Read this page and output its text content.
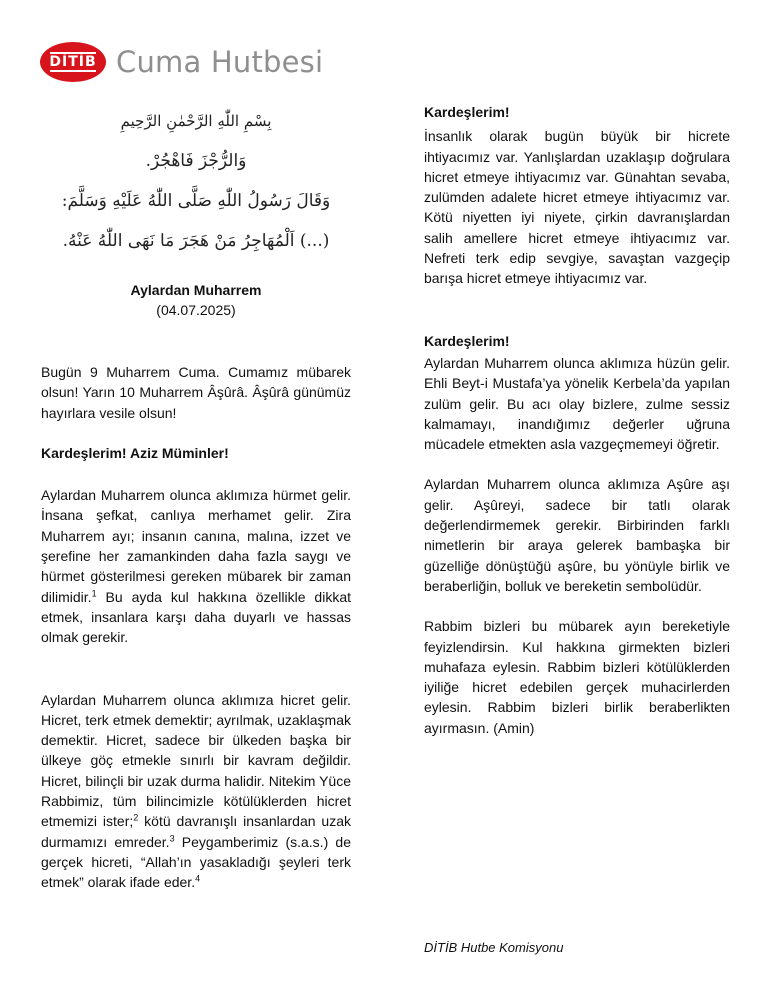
DİTİB Cuma Hutbesi
بِسْمِ اللّٰهِ الرَّحْمٰنِ الرَّحِيمِ
وَالرُّجْزَ فَاهْجُرْ.
وَقَالَ رَسُولُ اللّٰهِ صَلَّى اللّٰهُ عَلَيْهِ وَسَلَّمَ:
(...) اَلْمُهَاجِرُ مَنْ هَجَرَ مَا نَهَى اللّٰهُ عَنْهُ.
Aylardan Muharrem
(04.07.2025)

Bugün 9 Muharrem Cuma. Cumamız mübarek olsun! Yarın 10 Muharrem Âşûrâ. Âşûrâ günümüz hayırlara vesile olsun!

Kardeşlerim! Aziz Müminler!

Aylardan Muharrem olunca aklımıza hürmet gelir. İnsana şefkat, canlıya merhamet gelir. Zira Muharrem ayı; insanın canına, malına, izzet ve şerefine her zamankinden daha fazla saygı ve hürmet gösterilmesi gereken mübarek bir zaman dilimidir.$^1$ Bu ayda kul hakkına özellikle dikkat etmek, insanlara karşı daha duyarlı ve hassas olmak gerekir.

Aylardan Muharrem olunca aklımıza hicret gelir. Hicret, terk etmek demektir; ayrılmak, uzaklaşmak demektir. Hicret, sadece bir ülkeden başka bir ülkeye göç etmekle sınırlı bir kavram değildir. Hicret, bilinçli bir uzak durma halidir. Nitekim Yüce Rabbimiz, tüm bilincimizle kötülüklerden hicret etmemizi ister;$^2$ kötü davranışlı insanlardan uzak durmamızı emreder.$^3$ Peygamberimiz (s.a.s.) de gerçek hicreti, “Allah’ın yasakladığı şeyleri terk etmek” olarak ifade eder.$^4$

Kardeşlerim!

İnsanlık olarak bugün büyük bir hicrete ihtiyacımız var. Yanlışlardan uzaklaşıp doğrulara hicret etmeye ihtiyacımız var. Günahtan sevaba, zulümden adalete hicret etmeye ihtiyacımız var. Kötü niyetten iyi niyete, çirkin davranışlardan salih amellere hicret etmeye ihtiyacımız var. Nefreti terk edip sevgiye, savaştan vazgeçip barışa hicret etmeye ihtiyacımız var.

Kardeşlerim!

Aylardan Muharrem olunca aklımıza hüzün gelir. Ehli Beyt-i Mustafa’ya yönelik Kerbela’da yapılan zulüm gelir. Bu acı olay bizlere, zulme sessiz kalmamayı, inandığımız değerler uğruna mücadele etmekten asla vazgeçmemeyi öğretir.

Aylardan Muharrem olunca aklımıza Aşûre aşı gelir. Aşûreyi, sadece bir tatlı olarak değerlendirmemek gerekir. Birbirinden farklı nimetlerin bir araya gelerek bambaşka bir güzelliğe dönüştüğü aşûre, bu yönüyle birlik ve beraberliğin, bolluk ve bereketin sembolüdür.

Rabbim bizleri bu mübarek ayın bereketiyle feyizlendirsin. Kul hakkına girmekten bizleri muhafaza eylesin. Rabbim bizleri kötülüklerden iyiliğe hicret edebilen gerçek muhacirlerden eylesin. Rabbim bizleri birlik beraberlikten ayırmasın. (Amin)

DİTİB Hutbe Komisyonu
